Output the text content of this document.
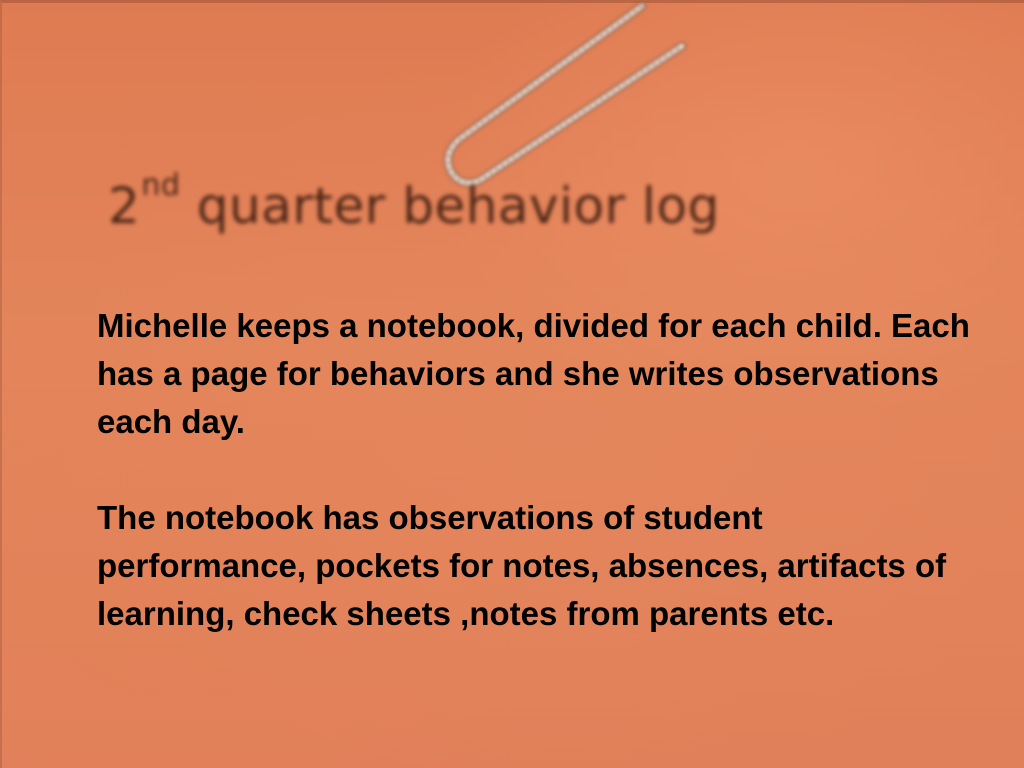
2nd quarter behavior log

Michelle keeps a notebook, divided for each child. Each has a page for behaviors and she writes observations each day.

The notebook has observations of student performance, pockets for notes, absences, artifacts of learning, check sheets ,notes from parents etc.
